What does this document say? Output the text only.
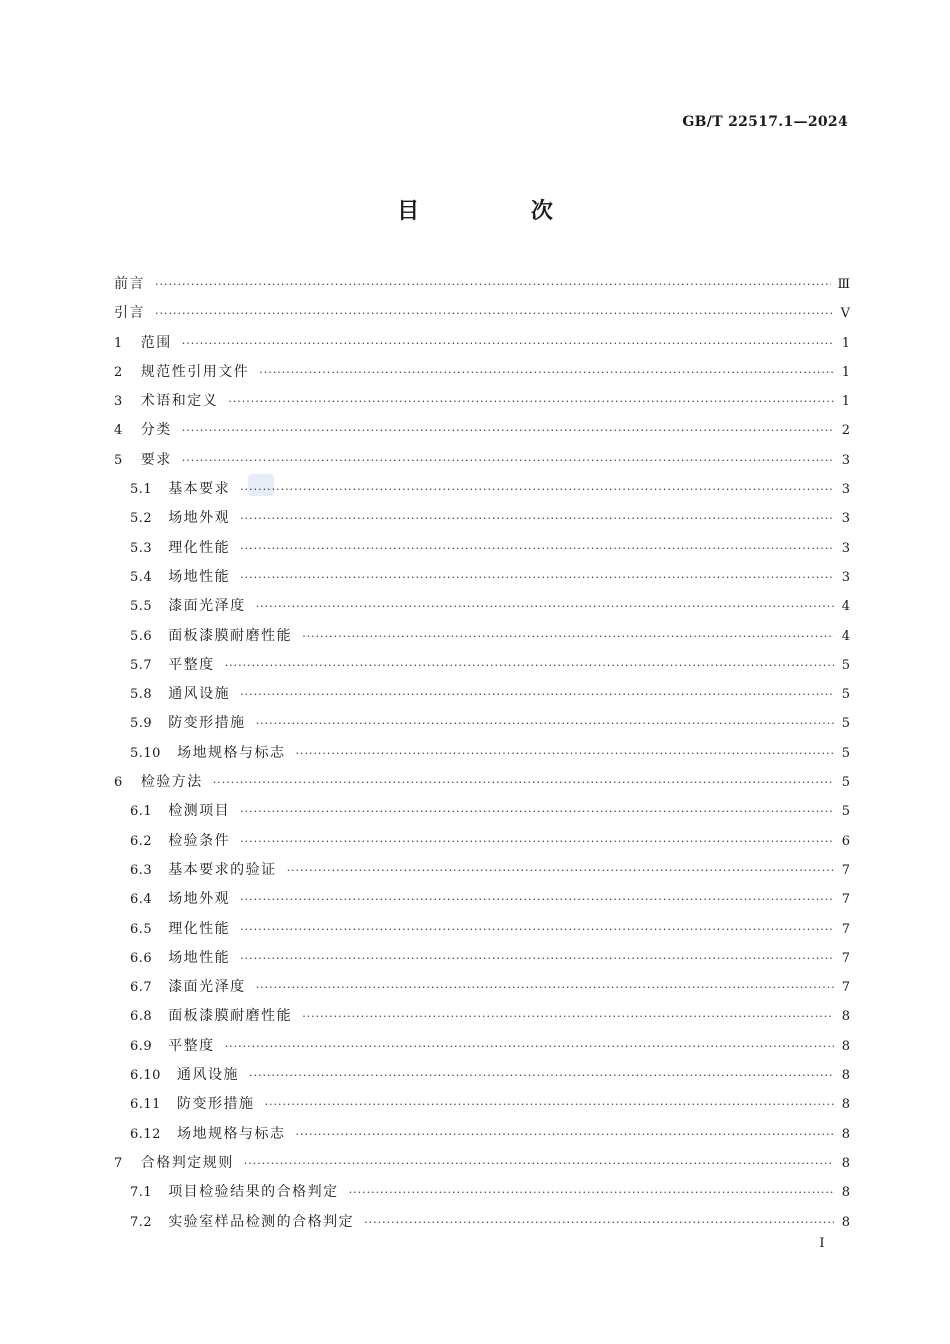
GB/T 22517.1—2024
目 次
前言 ·····	Ⅲ
引言 ·····	Ⅴ
1 范围 ·····	1
2 规范性引用文件 ·····	1
3 术语和定义 ·····	1
4 分类 ·····	2
5 要求 ·····	3
5.1 基本要求 ·····	3
5.2 场地外观 ·····	3
5.3 理化性能 ·····	3
5.4 场地性能 ·····	3
5.5 漆面光泽度 ·····	4
5.6 面板漆膜耐磨性能 ·····	4
5.7 平整度 ·····	5
5.8 通风设施 ·····	5
5.9 防变形措施 ·····	5
5.10 场地规格与标志 ·····	5
6 检验方法 ·····	5
6.1 检测项目 ·····	5
6.2 检验条件 ·····	6
6.3 基本要求的验证 ·····	7
6.4 场地外观 ·····	7
6.5 理化性能 ·····	7
6.6 场地性能 ·····	7
6.7 漆面光泽度 ·····	7
6.8 面板漆膜耐磨性能 ·····	8
6.9 平整度 ·····	8
6.10 通风设施 ·····	8
6.11 防变形措施 ·····	8
6.12 场地规格与标志 ·····	8
7 合格判定规则 ·····	8
7.1 项目检验结果的合格判定 ·····	8
7.2 实验室样品检测的合格判定 ·····	8
Ⅰ
